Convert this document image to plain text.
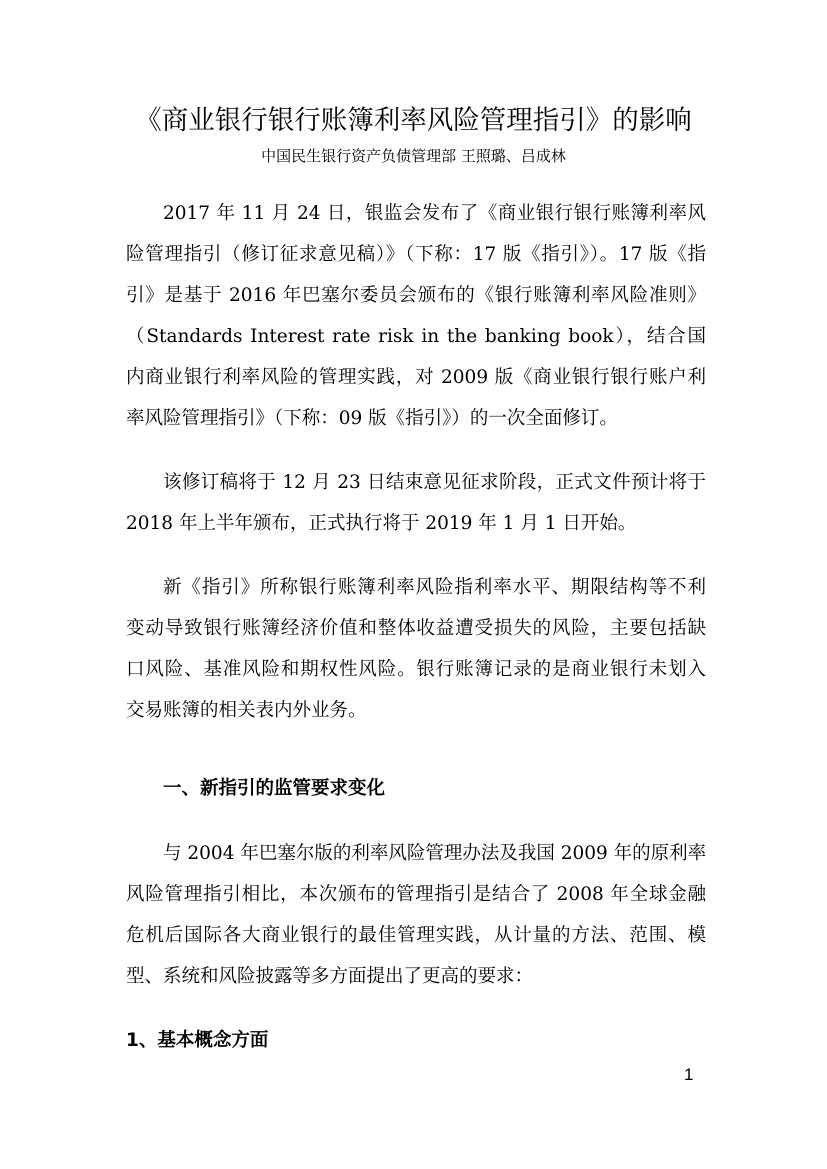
《商业银行银行账簿利率风险管理指引》的影响
中国民生银行资产负债管理部 王照璐、吕成林
2017 年 11 月 24 日，银监会发布了《商业银行银行账簿利率风
险管理指引（修订征求意见稿）》（下称：17 版《指引》）。17 版《指
引》是基于 2016 年巴塞尔委员会颁布的《银行账簿利率风险准则》
（Standards Interest rate risk in the banking book），结合国
内商业银行利率风险的管理实践，对 2009 版《商业银行银行账户利
率风险管理指引》（下称：09 版《指引》）的一次全面修订。
该修订稿将于 12 月 23 日结束意见征求阶段，正式文件预计将于
2018 年上半年颁布，正式执行将于 2019 年 1 月 1 日开始。
新《指引》所称银行账簿利率风险指利率水平、期限结构等不利
变动导致银行账簿经济价值和整体收益遭受损失的风险，主要包括缺
口风险、基准风险和期权性风险。银行账簿记录的是商业银行未划入
交易账簿的相关表内外业务。
一、新指引的监管要求变化
与 2004 年巴塞尔版的利率风险管理办法及我国 2009 年的原利率
风险管理指引相比，本次颁布的管理指引是结合了 2008 年全球金融
危机后国际各大商业银行的最佳管理实践，从计量的方法、范围、模
型、系统和风险披露等多方面提出了更高的要求：
1、基本概念方面
1
